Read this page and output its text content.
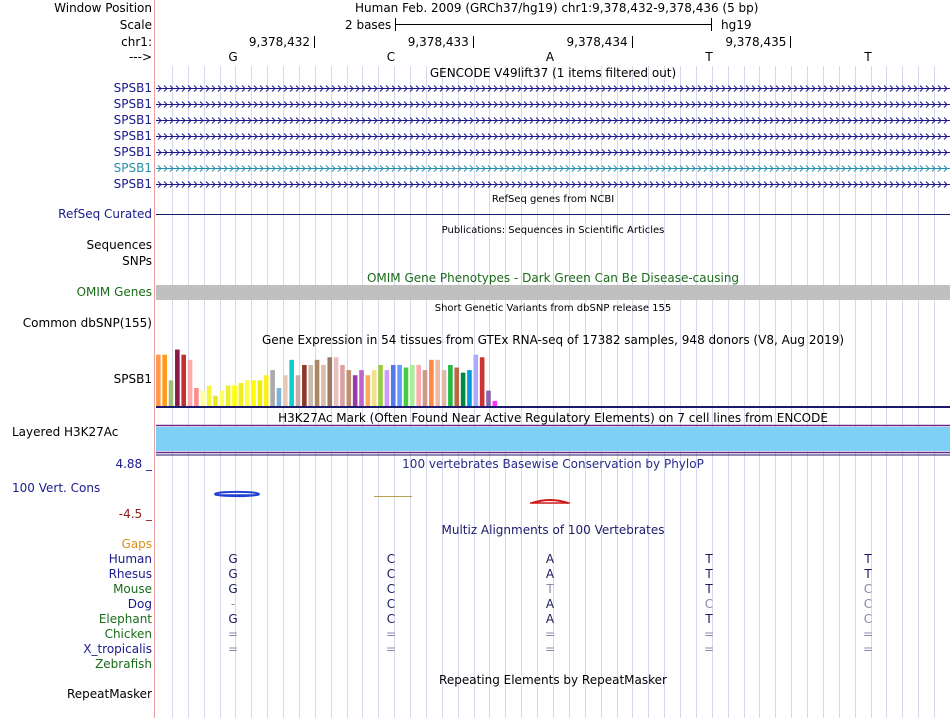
Window Position	Human Feb. 2009 (GRCh37/hg19) chr1:9,378,432-9,378,436 (5 bp)
Scale	2 bases	hg19
chr1:	9,378,432	9,378,433	9,378,434	9,378,435
--->	G	C	A	T	T
GENCODE V49lift37 (1 items filtered out)
SPSB1
SPSB1
SPSB1
SPSB1
SPSB1
SPSB1
SPSB1
RefSeq genes from NCBI
RefSeq Curated
Publications: Sequences in Scientific Articles
Sequences
SNPs
OMIM Gene Phenotypes - Dark Green Can Be Disease-causing
OMIM Genes
Short Genetic Variants from dbSNP release 155
Common dbSNP(155)
Gene Expression in 54 tissues from GTEx RNA-seq of 17382 samples, 948 donors (V8, Aug 2019)
SPSB1
H3K27Ac Mark (Often Found Near Active Regulatory Elements) on 7 cell lines from ENCODE
Layered H3K27Ac
100 vertebrates Basewise Conservation by PhyloP
4.88 _
100 Vert. Cons
-4.5 _
Multiz Alignments of 100 Vertebrates
Gaps
Human	G	C	A	T	T
Rhesus	G	C	A	T	T
Mouse	G	C	T	T	C
Dog	-	C	A	C	C
Elephant	G	C	A	T	C
Chicken	=	=	=	=	=
X_tropicalis	=	=	=	=	=
Zebrafish
Repeating Elements by RepeatMasker
RepeatMasker
